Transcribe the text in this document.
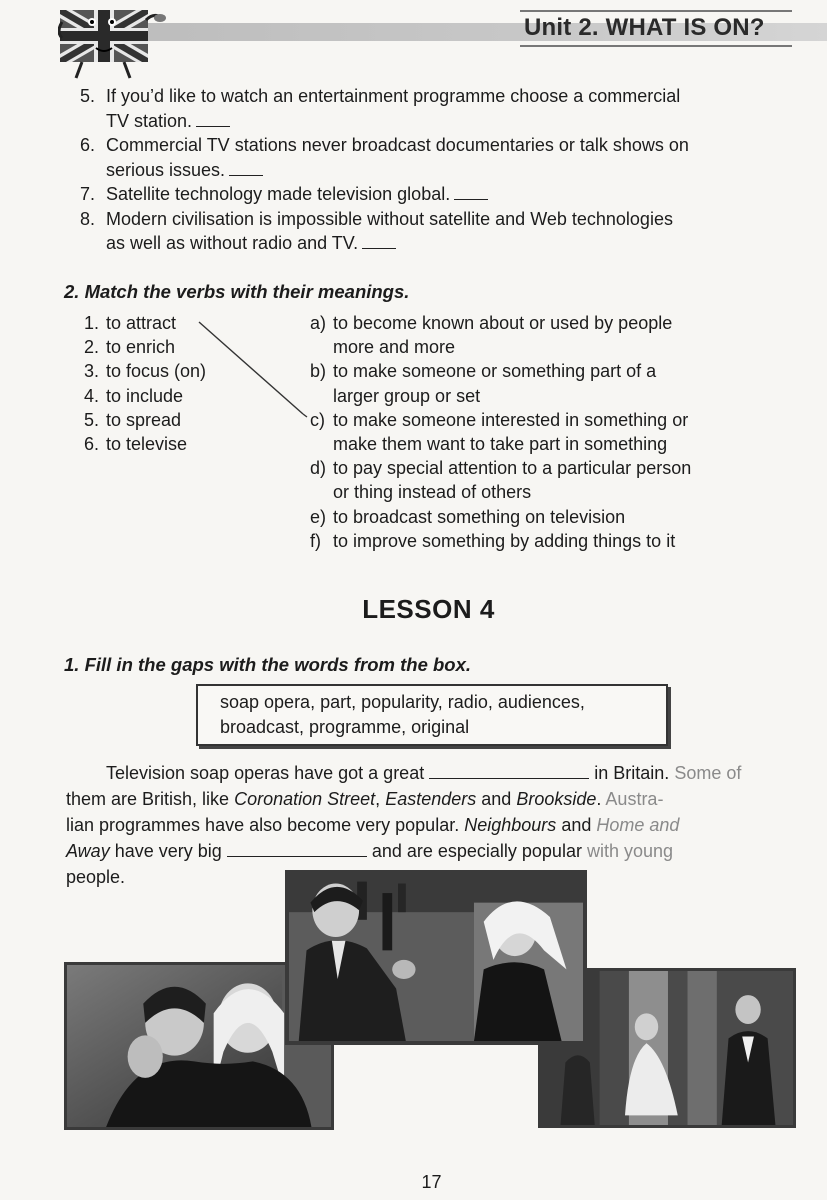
Unit 2. WHAT IS ON?
5. If you’d like to watch an entertainment programme choose a commercial
TV station.
6. Commercial TV stations never broadcast documentaries or talk shows on
serious issues.
7. Satellite technology made television global.
8. Modern civilisation is impossible without satellite and Web technologies
as well as without radio and TV.
2. Match the verbs with their meanings.
1. to attract
2. to enrich
3. to focus (on)
4. to include
5. to spread
6. to televise
a) to become known about or used by people
more and more
b) to make someone or something part of a
larger group or set
c) to make someone interested in something or
make them want to take part in something
d) to pay special attention to a particular person
or thing instead of others
e) to broadcast something on television
f) to improve something by adding things to it
LESSON 4
1. Fill in the gaps with the words from the box.
soap opera, part, popularity, radio, audiences,
broadcast, programme, original
Television soap operas have got a great	in Britain. Some of
them are British, like Coronation Street, Eastenders and Brookside. Austra-
lian programmes have also become very popular. Neighbours and Home and
Away have very big	and are especially popular with young
people.
17
